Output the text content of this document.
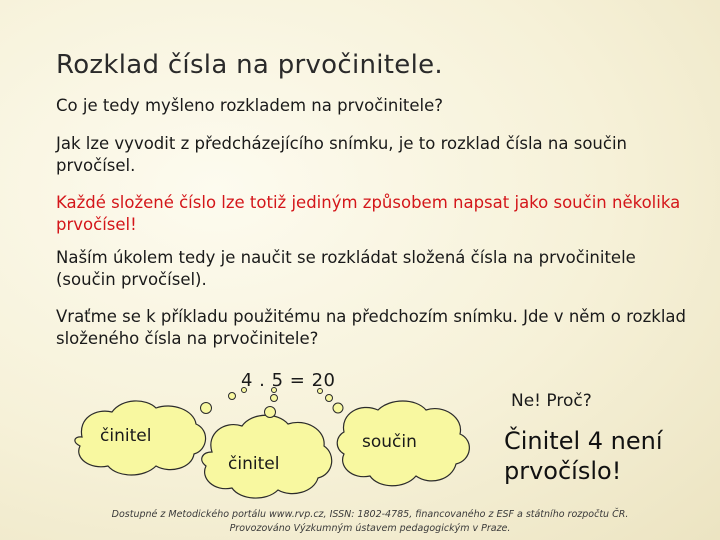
Rozklad čísla na prvočinitele.
Co je tedy myšleno rozkladem na prvočinitele?
Jak lze vyvodit z předcházejícího snímku, je to rozklad čísla na součin prvočísel.
Každé složené číslo lze totiž jediným způsobem napsat jako součin několika prvočísel!
Naším úkolem tedy je naučit se rozkládat složená čísla na prvočinitele (součin prvočísel).
Vraťme se k příkladu použitému na předchozím snímku. Jde v něm o rozklad složeného čísla na prvočinitele?
4 . 5 = 20
činitel
činitel
součin
Ne! Proč?
Činitel 4 není prvočíslo!
Dostupné z Metodického portálu www.rvp.cz, ISSN: 1802-4785, financovaného z ESF a státního rozpočtu ČR.
Provozováno Výzkumným ústavem pedagogickým v Praze.
